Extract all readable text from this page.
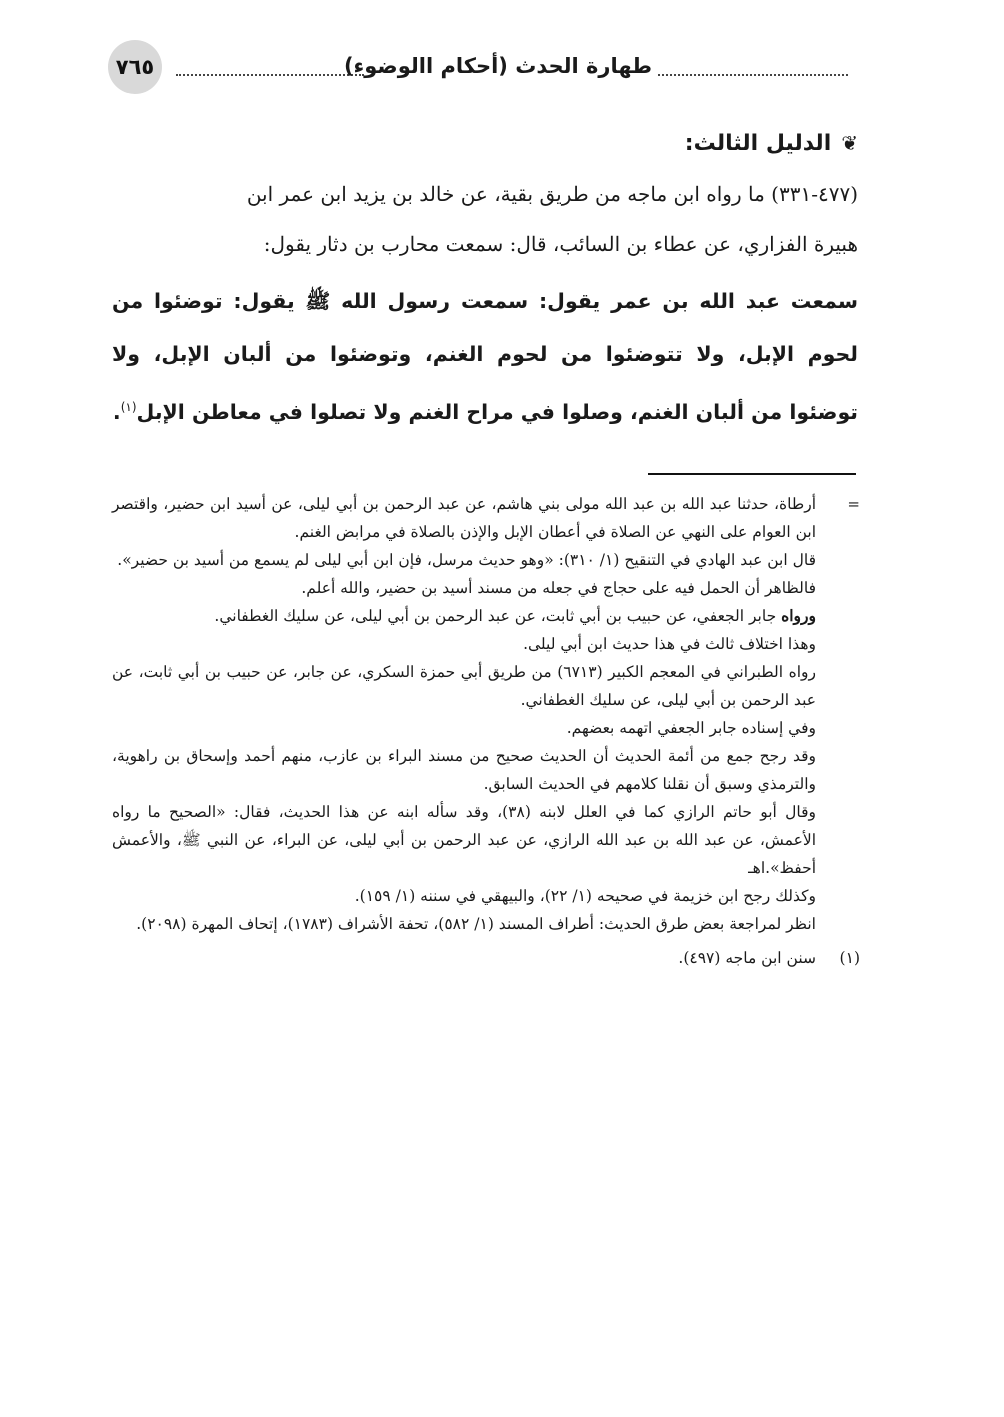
٧٦٥	طهارة الحدث (أحكام االوضوء)
❦الدليل الثالث:

(٤٧٧-٣٣١) ما رواه ابن ماجه من طريق بقية، عن خالد بن يزيد ابن عمر ابن

هبيرة الفزاري، عن عطاء بن السائب، قال: سمعت محارب بن دثار يقول:

سمعت عبد الله بن عمر يقول: سمعت رسول الله ﷺ يقول: توضئوا من لحوم الإبل، ولا تتوضئوا من لحوم الغنم، وتوضئوا من ألبان الإبل، ولا توضئوا من ألبان الغنم، وصلوا في مراح الغنم ولا تصلوا في معاطن الإبل$^{(١)}$.

=
أرطاة، حدثنا عبد الله بن عبد الله مولى بني هاشم، عن عبد الرحمن بن أبي ليلى، عن أسيد ابن حضير، واقتصر ابن العوام على النهي عن الصلاة في أعطان الإبل والإذن بالصلاة في مرابض الغنم.

قال ابن عبد الهادي في التنقيح (١/ ٣١٠): «وهو حديث مرسل، فإن ابن أبي ليلى لم يسمع من أسيد بن حضير».

فالظاهر أن الحمل فيه على حجاج في جعله من مسند أسيد بن حضير، والله أعلم.

ورواه جابر الجعفي، عن حبيب بن أبي ثابت، عن عبد الرحمن بن أبي ليلى، عن سليك الغطفاني.

وهذا اختلاف ثالث في هذا حديث ابن أبي ليلى.

رواه الطبراني في المعجم الكبير (٦٧١٣) من طريق أبي حمزة السكري، عن جابر، عن حبيب بن أبي ثابت، عن عبد الرحمن بن أبي ليلى، عن سليك الغطفاني.

وفي إسناده جابر الجعفي اتهمه بعضهم.

وقد رجح جمع من أئمة الحديث أن الحديث صحيح من مسند البراء بن عازب، منهم أحمد وإسحاق بن راهوية، والترمذي وسبق أن نقلنا كلامهم في الحديث السابق.

وقال أبو حاتم الرازي كما في العلل لابنه (٣٨)، وقد سأله ابنه عن هذا الحديث، فقال: «الصحيح ما رواه الأعمش، عن عبد الله بن عبد الله الرازي، عن عبد الرحمن بن أبي ليلى، عن البراء، عن النبي ﷺ، والأعمش أحفظ».اهـ

وكذلك رجح ابن خزيمة في صحيحه (١/ ٢٢)، والبيهقي في سننه (١/ ١٥٩).

انظر لمراجعة بعض طرق الحديث: أطراف المسند (١/ ٥٨٢)، تحفة الأشراف (١٧٨٣)، إتحاف المهرة (٢٠٩٨).

(١)
سنن ابن ماجه (٤٩٧).
